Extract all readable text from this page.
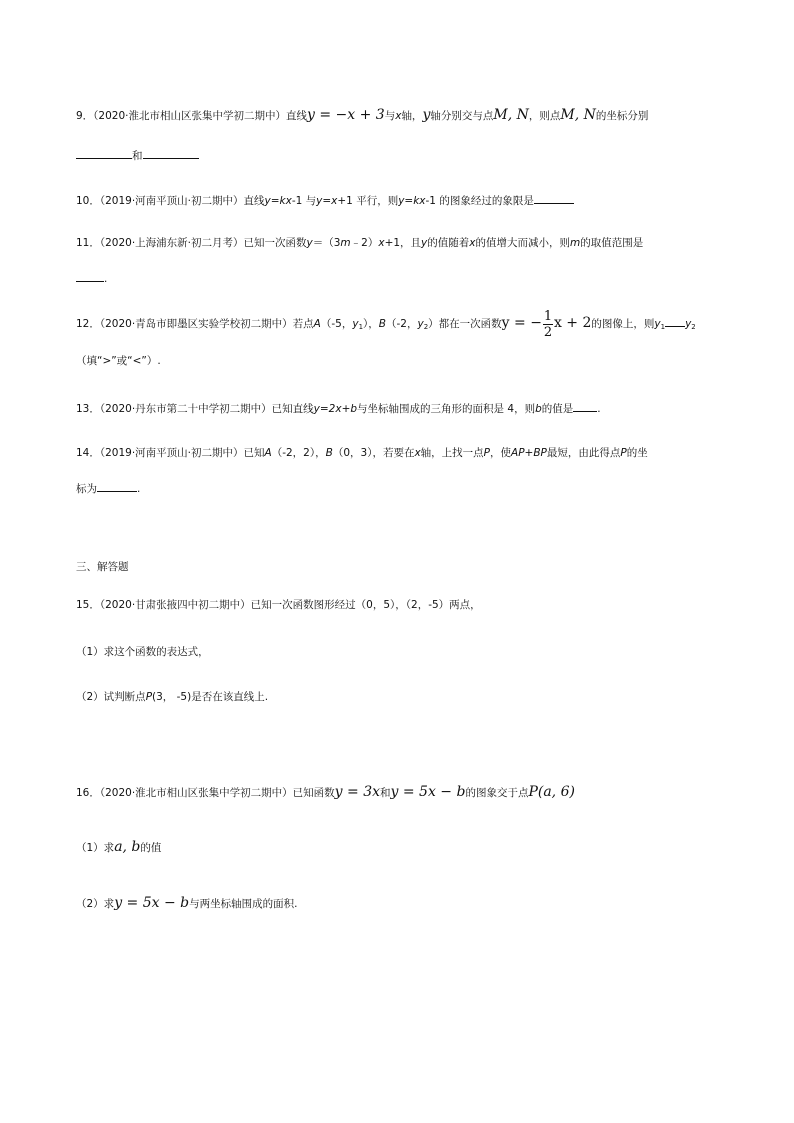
9．（2020·淮北市相山区张集中学初二期中）直线y = −x + 3与x轴，y轴分别交与点M, N，则点M, N的坐标分别
和
10．（2019·河南平顶山·初二期中）直线y=kx-1 与y=x+1 平行，则y=kx-1 的图象经过的象限是
11．（2020·上海浦东新·初二月考）已知一次函数y＝（3m﹣2）x+1，且y的值随着x的值增大而减小，则m的取值范围是
.
12．（2020·青岛市即墨区实验学校初二期中）若点A（-5，$y_1$），B（-2，$y_2$）都在一次函数y = − $\frac{1}{2}$ x + 2的图像上，则$y_1$ $y_2$
（填“>”或“<”）.
13．（2020·丹东市第二十中学初二期中）已知直线y=2x+b与坐标轴围成的三角形的面积是 4，则b的值是 .
14．（2019·河南平顶山·初二期中）已知A（-2，2），B（0，3），若要在x轴，上找一点P，使AP+BP最短，由此得点P的坐
标为	.
三、解答题
15．（2020·甘肃张掖四中初二期中）已知一次函数图形经过（0，5），（2，-5）两点，
（1）求这个函数的表达式，
（2）试判断点P(3， -5)是否在该直线上.
16．（2020·淮北市相山区张集中学初二期中）已知函数y = 3x和y = 5x − b的图象交于点P(a, 6)
（1）求a, b的值
（2）求y = 5x − b与两坐标轴围成的面积.
